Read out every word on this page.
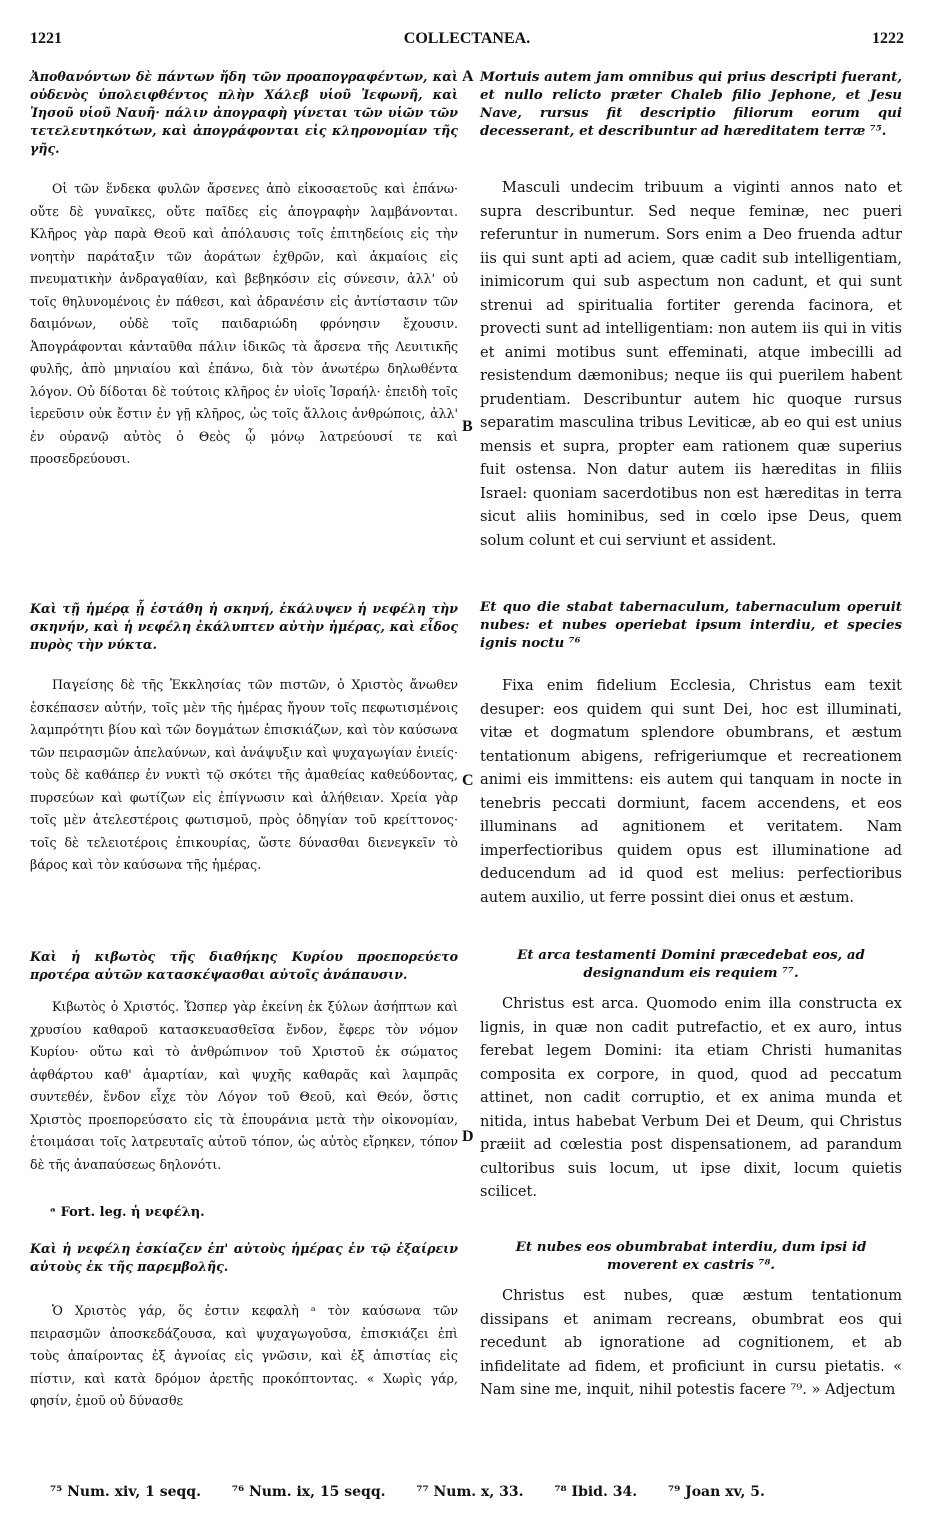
1221	COLLECTANEA.	1222

Ἀποθανόντων δὲ πάντων ἤδη τῶν προαπογραφέντων, καὶ οὐδενὸς ὑπολειφθέντος πλὴν Χάλεβ υἱοῦ Ἰεφωνῆ, καὶ Ἰησοῦ υἱοῦ Ναυῆ· πάλιν ἀπογραφὴ γίνεται τῶν υἱῶν τῶν τετελευτηκότων, καὶ ἀπογράφονται εἰς κληρονομίαν τῆς γῆς.

Οἱ τῶν ἕνδεκα φυλῶν ἄρσενες ἀπὸ εἰκοσαετοῦς καὶ ἐπάνω· οὔτε δὲ γυναῖκες, οὔτε παῖδες εἰς ἀπογραφὴν λαμβάνονται. Κλῆρος γὰρ παρὰ Θεοῦ καὶ ἀπόλαυσις τοῖς ἐπιτηδείοις εἰς τὴν νοητὴν παράταξιν τῶν ἀοράτων ἐχθρῶν, καὶ ἀκμαίοις εἰς πνευματικὴν ἀνδραγαθίαν, καὶ βεβηκόσιν εἰς σύνεσιν, ἀλλ' οὐ τοῖς θηλυνομένοις ἐν πάθεσι, καὶ ἀδρανέσιν εἰς ἀντίστασιν τῶν δαιμόνων, οὐδὲ τοῖς παιδαριώδη φρόνησιν ἔχουσιν. Ἀπογράφονται κἀνταῦθα πάλιν ἰδικῶς τὰ ἄρσενα τῆς Λευιτικῆς φυλῆς, ἀπὸ μηνιαίου καὶ ἐπάνω, διὰ τὸν ἀνωτέρω δηλωθέντα λόγον. Οὐ δίδοται δὲ τούτοις κλῆρος ἐν υἱοῖς Ἰσραήλ· ἐπειδὴ τοῖς ἱερεῦσιν οὐκ ἔστιν ἐν γῇ κλῆρος, ὡς τοῖς ἄλλοις ἀνθρώποις, ἀλλ' ἐν οὐρανῷ αὐτὸς ὁ Θεὸς ᾧ μόνῳ λατρεύουσί τε καὶ προσεδρεύουσι.

Καὶ τῇ ἡμέρᾳ ᾗ ἐστάθη ἡ σκηνή, ἐκάλυψεν ἡ νεφέλη τὴν σκηνήν, καὶ ἡ νεφέλη ἐκάλυπτεν αὐτὴν ἡμέρας, καὶ εἶδος πυρὸς τὴν νύκτα.

Παγείσης δὲ τῆς Ἐκκλησίας τῶν πιστῶν, ὁ Χριστὸς ἄνωθεν ἐσκέπασεν αὐτήν, τοῖς μὲν τῆς ἡμέρας ἤγουν τοῖς πεφωτισμένοις λαμπρότητι βίου καὶ τῶν δογμάτων ἐπισκιάζων, καὶ τὸν καύσωνα τῶν πειρασμῶν ἀπελαύνων, καὶ ἀνάψυξιν καὶ ψυχαγωγίαν ἐνιείς· τοὺς δὲ καθάπερ ἐν νυκτὶ τῷ σκότει τῆς ἀμαθείας καθεύδοντας, πυρσεύων καὶ φωτίζων εἰς ἐπίγνωσιν καὶ ἀλήθειαν. Χρεία γὰρ τοῖς μὲν ἀτελεστέροις φωτισμοῦ, πρὸς ὁδηγίαν τοῦ κρείττονος· τοῖς δὲ τελειοτέροις ἐπικουρίας, ὥστε δύνασθαι διενεγκεῖν τὸ βάρος καὶ τὸν καύσωνα τῆς ἡμέρας.

Καὶ ἡ κιβωτὸς τῆς διαθήκης Κυρίου προεπορεύετο προτέρα αὐτῶν κατασκέψασθαι αὐτοῖς ἀνάπαυσιν.

Κιβωτὸς ὁ Χριστός. Ὥσπερ γὰρ ἐκείνη ἐκ ξύλων ἀσήπτων καὶ χρυσίου καθαροῦ κατασκευασθεῖσα ἔνδον, ἔφερε τὸν νόμον Κυρίου· οὕτω καὶ τὸ ἀνθρώπινον τοῦ Χριστοῦ ἐκ σώματος ἀφθάρτου καθ' ἁμαρτίαν, καὶ ψυχῆς καθαρᾶς καὶ λαμπρᾶς συντεθέν, ἔνδον εἶχε τὸν Λόγον τοῦ Θεοῦ, καὶ Θεόν, ὅστις Χριστὸς προεπορεύσατο εἰς τὰ ἐπουράνια μετὰ τὴν οἰκονομίαν, ἑτοιμάσαι τοῖς λατρευταῖς αὐτοῦ τόπον, ὡς αὐτὸς εἴρηκεν, τόπον δὲ τῆς ἀναπαύσεως δηλονότι.

Καὶ ἡ νεφέλη ἐσκίαζεν ἐπ' αὐτοὺς ἡμέρας ἐν τῷ ἐξαίρειν αὐτοὺς ἐκ τῆς παρεμβολῆς.

Ὁ Χριστὸς γάρ, ὅς ἐστιν κεφαλὴ ᵃ τὸν καύσωνα τῶν πειρασμῶν ἀποσκεδάζουσα, καὶ ψυχαγωγοῦσα, ἐπισκιάζει ἐπὶ τοὺς ἀπαίροντας ἐξ ἀγνοίας εἰς γνῶσιν, καὶ ἐξ ἀπιστίας εἰς πίστιν, καὶ κατὰ δρόμον ἀρετῆς προκόπτοντας. « Χωρὶς γάρ, φησίν, ἐμοῦ οὐ δύνασθε

Mortuis autem jam omnibus qui prius descripti fuerant, et nullo relicto præter Chaleb filio Jephone, et Jesu Nave, rursus fit descriptio filiorum eorum qui decesserant, et describuntur ad hæreditatem terræ ⁷⁵.

Masculi undecim tribuum a viginti annos nato et supra describuntur. Sed neque feminæ, nec pueri referuntur in numerum. Sors enim a Deo fruenda adtur iis qui sunt apti ad aciem, quæ cadit sub intelligentiam, inimicorum qui sub aspectum non cadunt, et qui sunt strenui ad spiritualia fortiter gerenda facinora, et provecti sunt ad intelligentiam: non autem iis qui in vitis et animi motibus sunt effeminati, atque imbecilli ad resistendum dæmonibus; neque iis qui puerilem habent prudentiam. Describuntur autem hic quoque rursus separatim masculina tribus Leviticæ, ab eo qui est unius mensis et supra, propter eam rationem quæ superius fuit ostensa. Non datur autem iis hæreditas in filiis Israel: quoniam sacerdotibus non est hæreditas in terra sicut aliis hominibus, sed in cœlo ipse Deus, quem solum colunt et cui serviunt et assident.

Et quo die stabat tabernaculum, tabernaculum operuit nubes: et nubes operiebat ipsum interdiu, et species ignis noctu ⁷⁶

Fixa enim fidelium Ecclesia, Christus eam texit desuper: eos quidem qui sunt Dei, hoc est illuminati, vitæ et dogmatum splendore obumbrans, et æstum tentationum abigens, refrigeriumque et recreationem animi eis immittens: eis autem qui tanquam in nocte in tenebris peccati dormiunt, facem accendens, et eos illuminans ad agnitionem et veritatem. Nam imperfectioribus quidem opus est illuminatione ad deducendum ad id quod est melius: perfectioribus autem auxilio, ut ferre possint diei onus et æstum.

Et arca testamenti Domini præcedebat eos, ad designandum eis requiem ⁷⁷.

Christus est arca. Quomodo enim illa constructa ex lignis, in quæ non cadit putrefactio, et ex auro, intus ferebat legem Domini: ita etiam Christi humanitas composita ex corpore, in quod, quod ad peccatum attinet, non cadit corruptio, et ex anima munda et nitida, intus habebat Verbum Dei et Deum, qui Christus præiit ad cœlestia post dispensationem, ad parandum cultoribus suis locum, ut ipse dixit, locum quietis scilicet.

Et nubes eos obumbrabat interdiu, dum ipsi id moverent ex castris ⁷⁸.

Christus est nubes, quæ æstum tentationum dissipans et animam recreans, obumbrat eos qui recedunt ab ignoratione ad cognitionem, et ab infidelitate ad fidem, et proficiunt in cursu pietatis. « Nam sine me, inquit, nihil potestis facere ⁷⁹. » Adjectum

A
B
C
D
ᵃ Fort. leg. ἡ νεφέλη.
⁷⁵ Num. xiv, 1 seqq. ⁷⁶ Num. ix, 15 seqq. ⁷⁷ Num. x, 33. ⁷⁸ Ibid. 34. ⁷⁹ Joan xv, 5.
